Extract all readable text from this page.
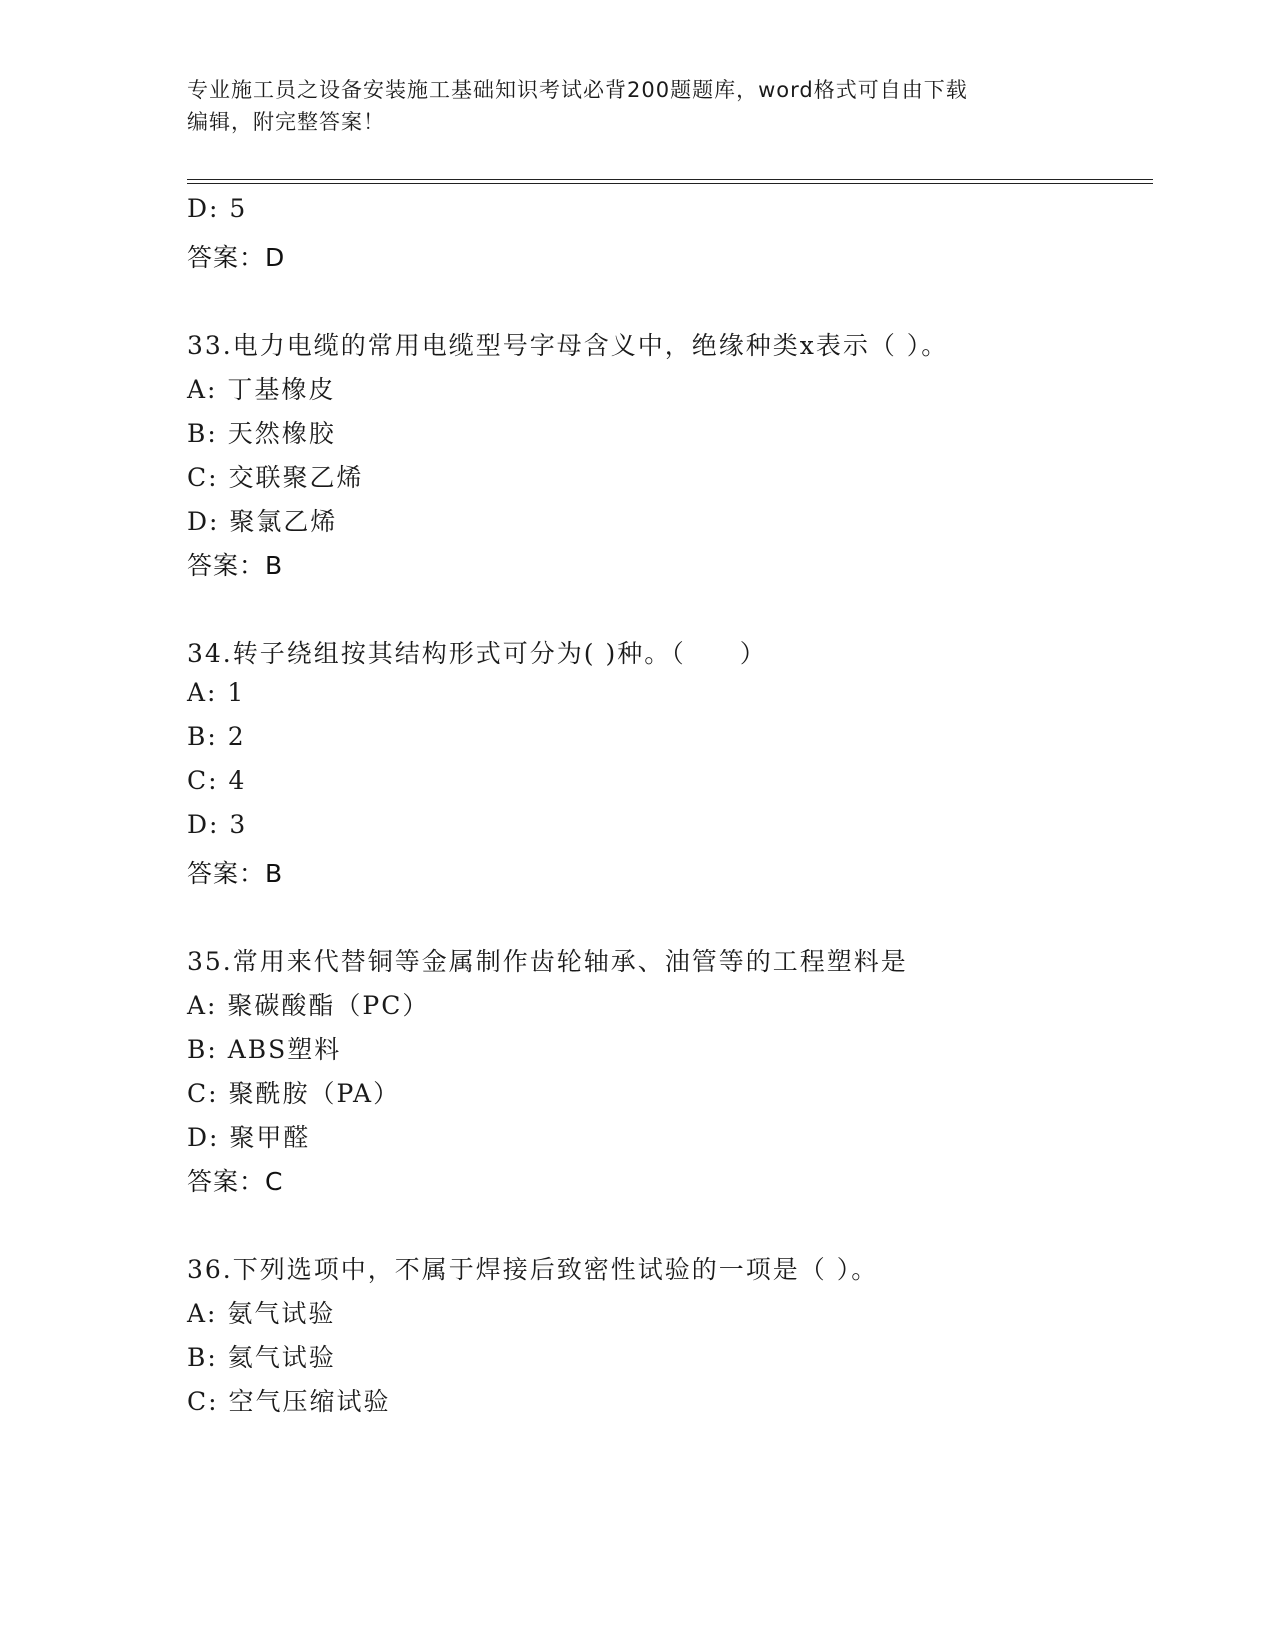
专业施工员之设备安装施工基础知识考试必背200题题库，word格式可自由下载
编辑，附完整答案！
D: 5
答案：D
33.电力电缆的常用电缆型号字母含义中，绝缘种类x表示（ ）。
A: 丁基橡皮
B: 天然橡胶
C: 交联聚乙烯
D: 聚氯乙烯
答案：B
34.转子绕组按其结构形式可分为( )种。（　　）
A: 1
B: 2
C: 4
D: 3
答案：B
35.常用来代替铜等金属制作齿轮轴承、油管等的工程塑料是
A: 聚碳酸酯（PC）
B: ABS塑料
C: 聚酰胺（PA）
D: 聚甲醛
答案：C
36.下列选项中，不属于焊接后致密性试验的一项是（ ）。
A: 氨气试验
B: 氦气试验
C: 空气压缩试验
